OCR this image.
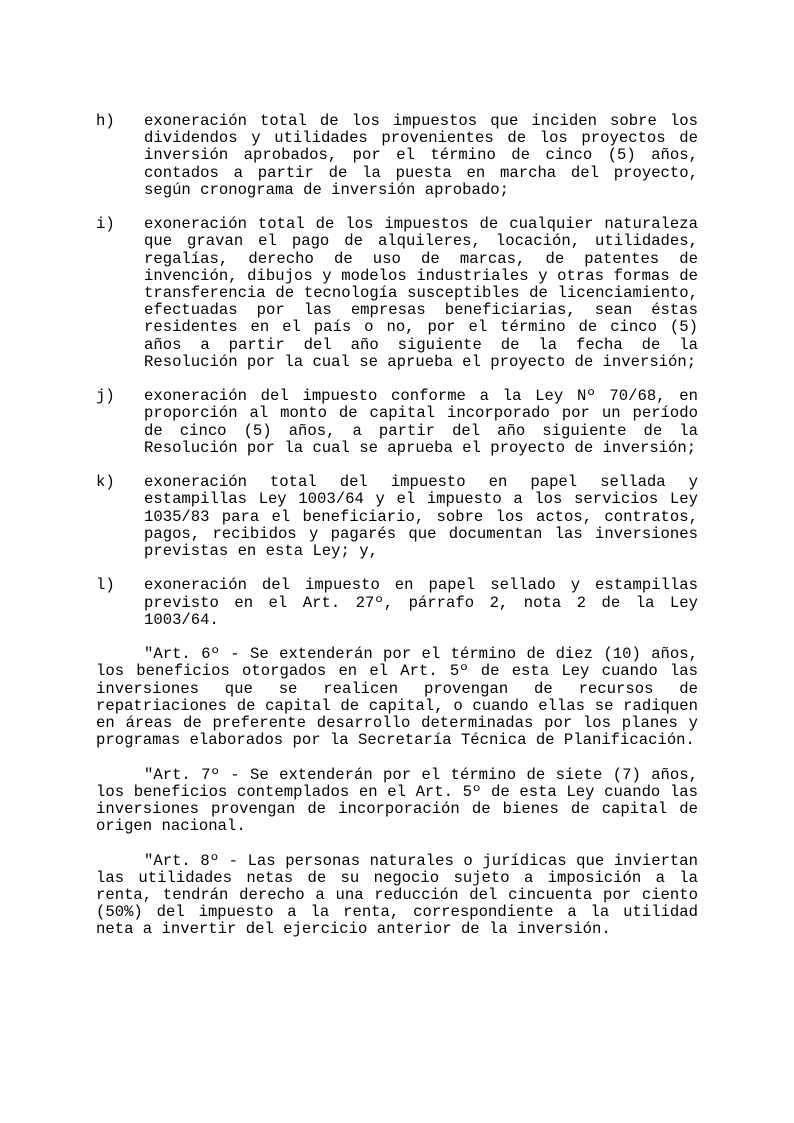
h)	exoneración total de los impuestos que inciden sobre los dividendos y utilidades provenientes de los proyectos de inversión aprobados, por el término de cinco (5) años, contados a partir de la puesta en marcha del proyecto, según cronograma de inversión aprobado;
i)	exoneración total de los impuestos de cualquier naturaleza que gravan el pago de alquileres, locación, utilidades, regalías, derecho de uso de marcas, de patentes de invención, dibujos y modelos industriales y otras formas de transferencia de tecnología susceptibles de licenciamiento, efectuadas por las empresas beneficiarias, sean éstas residentes en el país o no, por el término de cinco (5) años a partir del año siguiente de la fecha de la Resolución por la cual se aprueba el proyecto de inversión;
j)	exoneración del impuesto conforme a la Ley Nº 70/68, en proporción al monto de capital incorporado por un período de cinco (5) años, a partir del año siguiente de la Resolución por la cual se aprueba el proyecto de inversión;
k)	exoneración total del impuesto en papel sellada y estampillas Ley 1003/64 y el impuesto a los servicios Ley 1035/83 para el beneficiario, sobre los actos, contratos, pagos, recibidos y pagarés que documentan las inversiones previstas en esta Ley; y,
l)	exoneración del impuesto en papel sellado y estampillas previsto en el Art. 27º, párrafo 2, nota 2 de la Ley 1003/64.

"Art. 6º - Se extenderán por el término de diez (10) años, los beneficios otorgados en el Art. 5º de esta Ley cuando las inversiones que se realicen provengan de recursos de repatriaciones de capital de capital, o cuando ellas se radiquen en áreas de preferente desarrollo determinadas por los planes y programas elaborados por la Secretaría Técnica de Planificación.

"Art. 7º - Se extenderán por el término de siete (7) años, los beneficios contemplados en el Art. 5º de esta Ley cuando las inversiones provengan de incorporación de bienes de capital de origen nacional.

"Art. 8º - Las personas naturales o jurídicas que inviertan las utilidades netas de su negocio sujeto a imposición a la renta, tendrán derecho a una reducción del cincuenta por ciento (50%) del impuesto a la renta, correspondiente a la utilidad neta a invertir del ejercicio anterior de la inversión.
